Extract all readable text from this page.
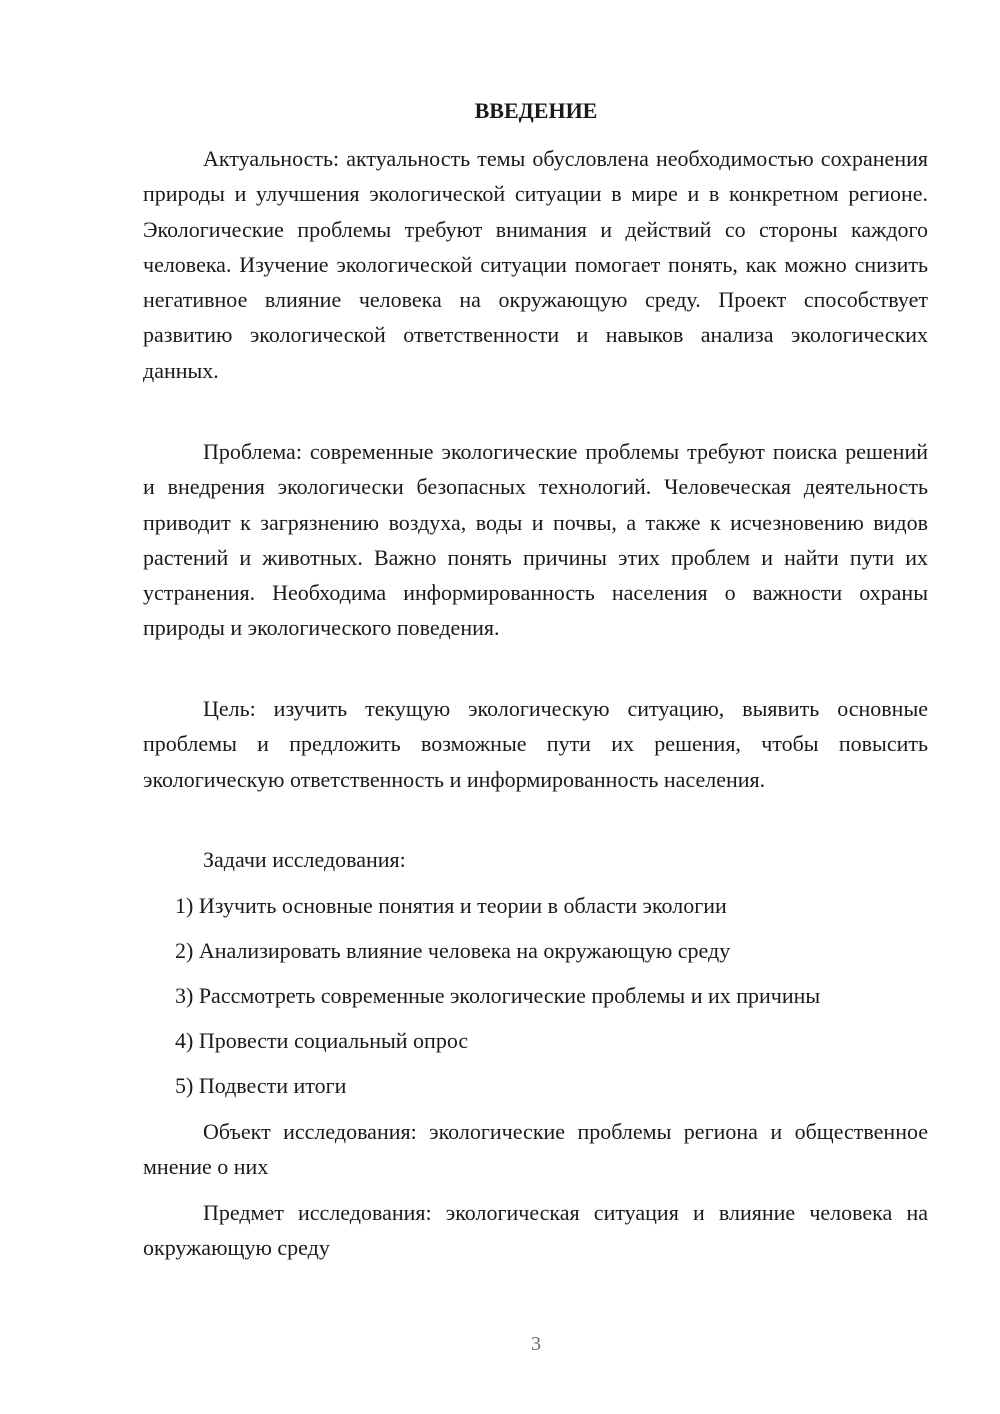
ВВЕДЕНИЕ

Актуальность: актуальность темы обусловлена необходимостью сохранения природы и улучшения экологической ситуации в мире и в конкретном регионе. Экологические проблемы требуют внимания и действий со стороны каждого человека. Изучение экологической ситуации помогает понять, как можно снизить негативное влияние человека на окружающую среду. Проект способствует развитию экологической ответственности и навыков анализа экологических данных.

Проблема: современные экологические проблемы требуют поиска решений и внедрения экологически безопасных технологий. Человеческая деятельность приводит к загрязнению воздуха, воды и почвы, а также к исчезновению видов растений и животных. Важно понять причины этих проблем и найти пути их устранения. Необходима информированность населения о важности охраны природы и экологического поведения.

Цель: изучить текущую экологическую ситуацию, выявить основные проблемы и предложить возможные пути их решения, чтобы повысить экологическую ответственность и информированность населения.

Задачи исследования:

1) Изучить основные понятия и теории в области экологии

2) Анализировать влияние человека на окружающую среду

3) Рассмотреть современные экологические проблемы и их причины

4) Провести социальный опрос

5) Подвести итоги

Объект исследования: экологические проблемы региона и общественное мнение о них

Предмет исследования: экологическая ситуация и влияние человека на окружающую среду

3
